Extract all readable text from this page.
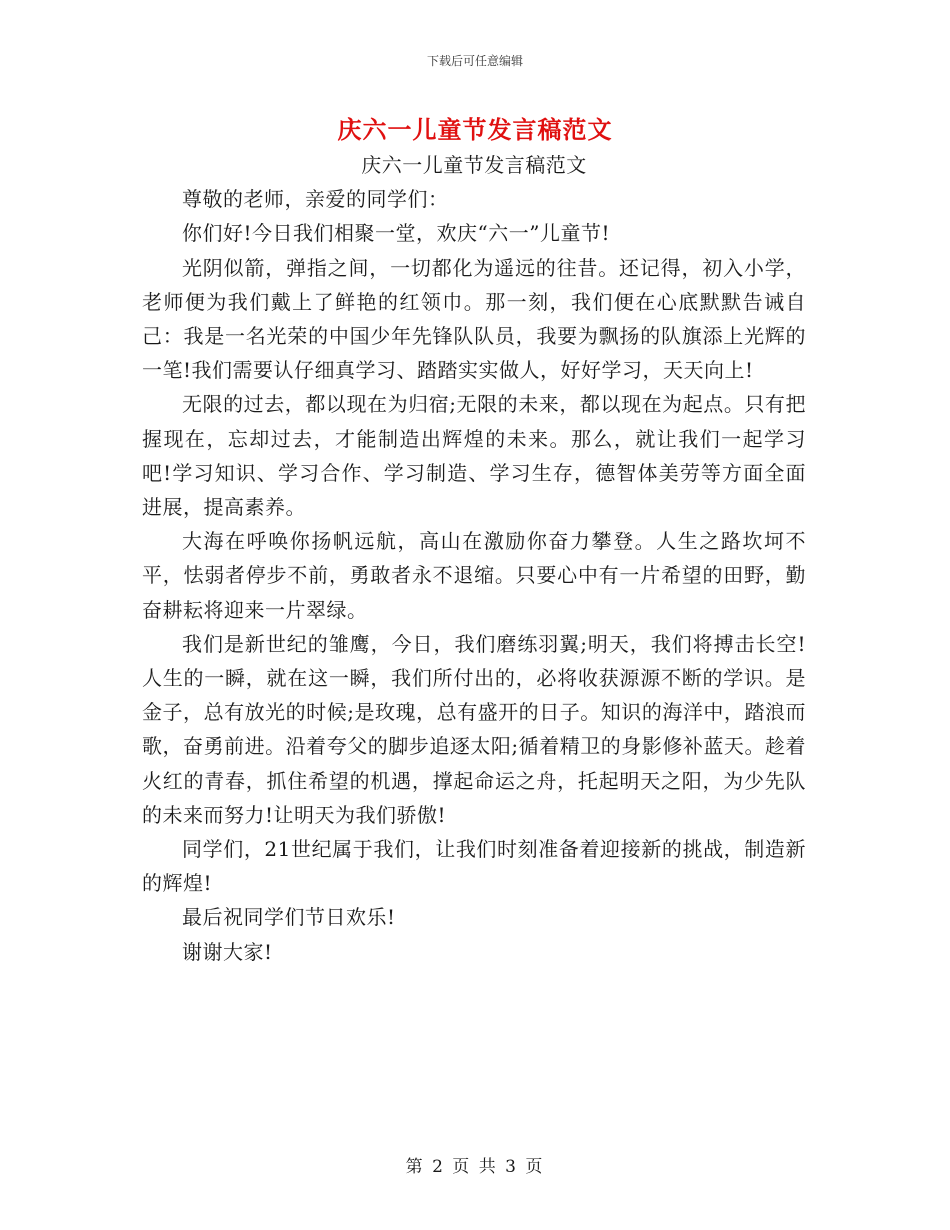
下载后可任意编辑
庆六一儿童节发言稿范文
庆六一儿童节发言稿范文

尊敬的老师，亲爱的同学们：

你们好!今日我们相聚一堂，欢庆“六一”儿童节!

光阴似箭，弹指之间，一切都化为遥远的往昔。还记得，初入小学，老师便为我们戴上了鲜艳的红领巾。那一刻，我们便在心底默默告诫自己：我是一名光荣的中国少年先锋队队员，我要为飘扬的队旗添上光辉的一笔!我们需要认仔细真学习、踏踏实实做人，好好学习，天天向上!

无限的过去，都以现在为归宿;无限的未来，都以现在为起点。只有把握现在，忘却过去，才能制造出辉煌的未来。那么，就让我们一起学习吧!学习知识、学习合作、学习制造、学习生存，德智体美劳等方面全面进展，提高素养。

大海在呼唤你扬帆远航，高山在激励你奋力攀登。人生之路坎坷不平，怯弱者停步不前，勇敢者永不退缩。只要心中有一片希望的田野，勤奋耕耘将迎来一片翠绿。

我们是新世纪的雏鹰，今日，我们磨练羽翼;明天，我们将搏击长空!人生的一瞬，就在这一瞬，我们所付出的，必将收获源源不断的学识。是金子，总有放光的时候;是玫瑰，总有盛开的日子。知识的海洋中，踏浪而歌，奋勇前进。沿着夸父的脚步追逐太阳;循着精卫的身影修补蓝天。趁着火红的青春，抓住希望的机遇，撑起命运之舟，托起明天之阳，为少先队的未来而努力!让明天为我们骄傲!

同学们，21世纪属于我们，让我们时刻准备着迎接新的挑战，制造新的辉煌!

最后祝同学们节日欢乐!

谢谢大家!

第 2 页 共 3 页
